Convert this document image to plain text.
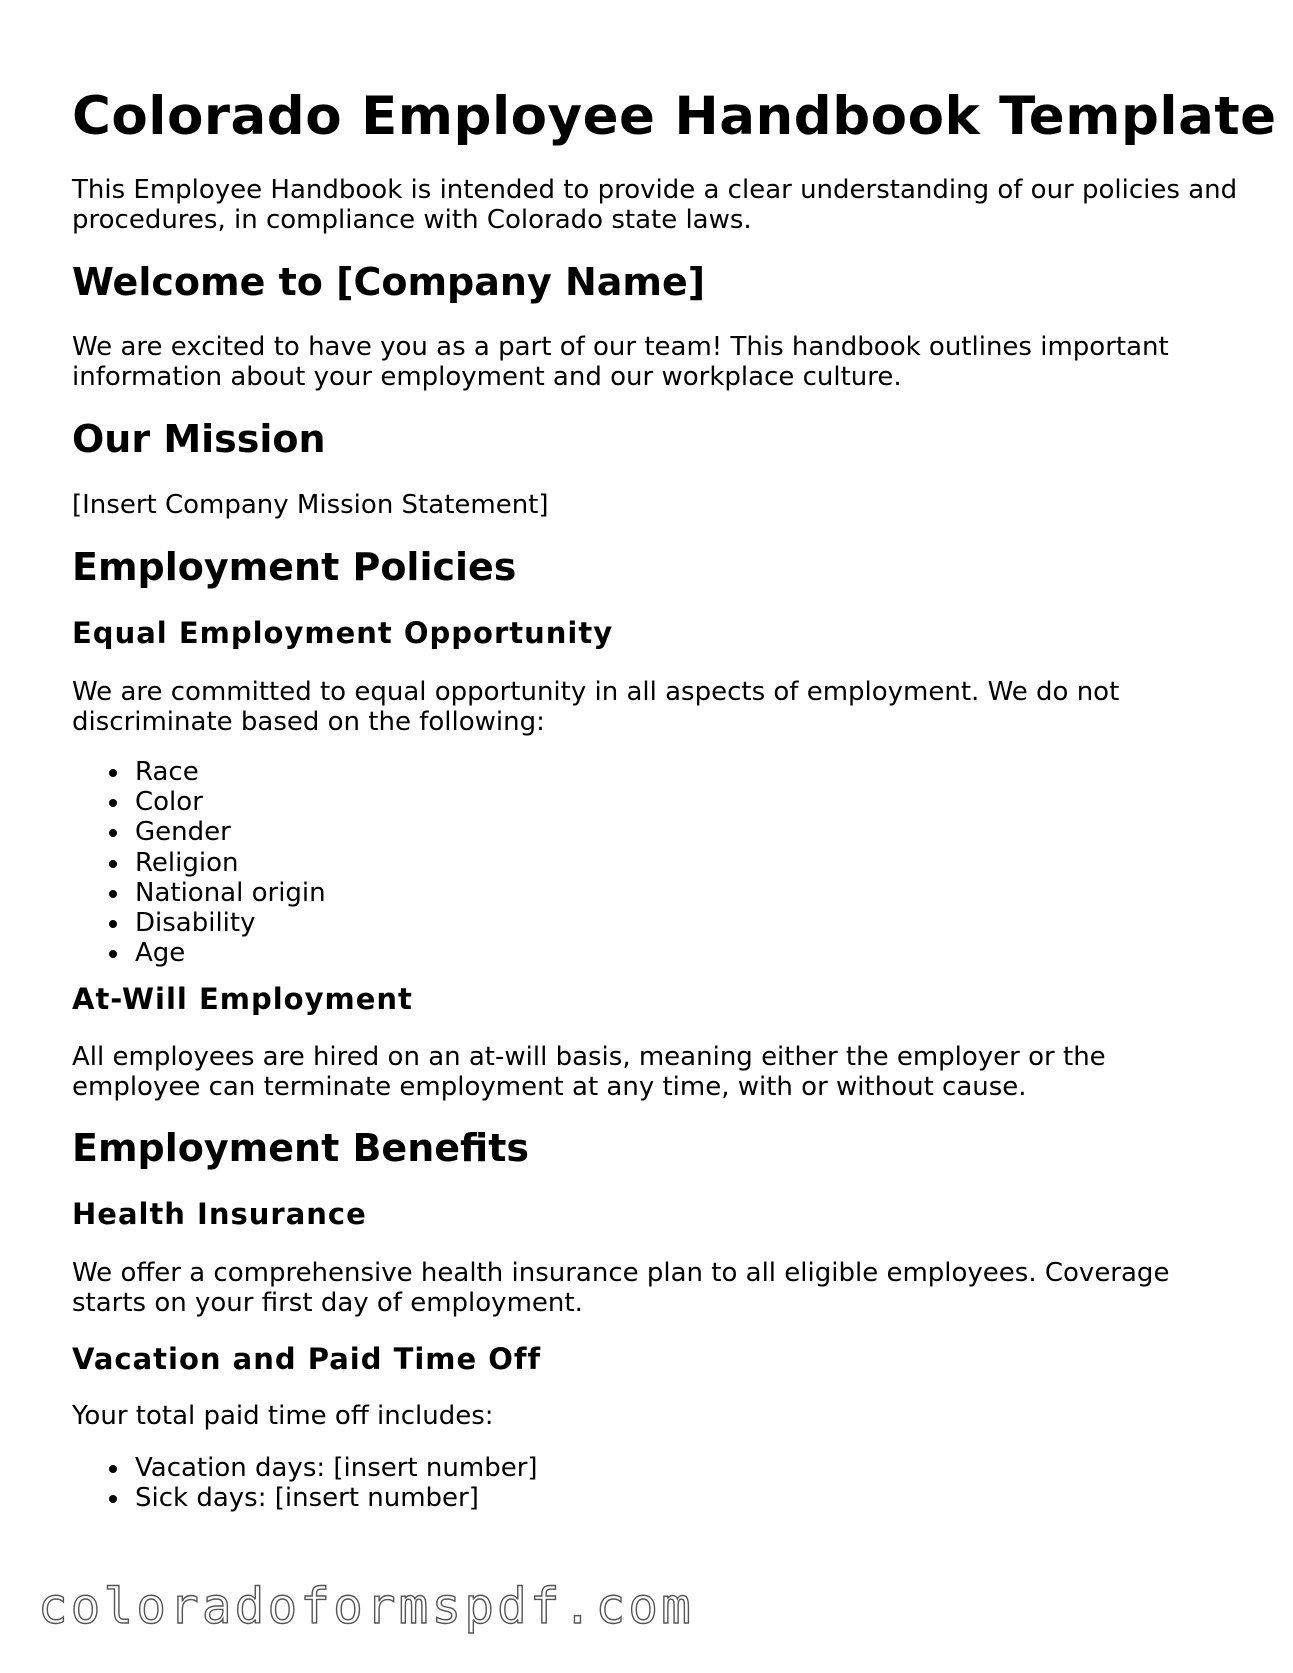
Colorado Employee Handbook Template

This Employee Handbook is intended to provide a clear understanding of our policies and procedures, in compliance with Colorado state laws.

Welcome to [Company Name]

We are excited to have you as a part of our team! This handbook outlines important information about your employment and our workplace culture.

Our Mission

[Insert Company Mission Statement]

Employment Policies
Equal Employment Opportunity

We are committed to equal opportunity in all aspects of employment. We do not discriminate based on the following:

Race
Color
Gender
Religion
National origin
Disability
Age
At-Will Employment

All employees are hired on an at-will basis, meaning either the employer or the employee can terminate employment at any time, with or without cause.

Employment Benefits
Health Insurance

We offer a comprehensive health insurance plan to all eligible employees. Coverage starts on your first day of employment.

Vacation and Paid Time Off

Your total paid time off includes:

Vacation days: [insert number]
Sick days: [insert number]
coloradoformspdf.com
